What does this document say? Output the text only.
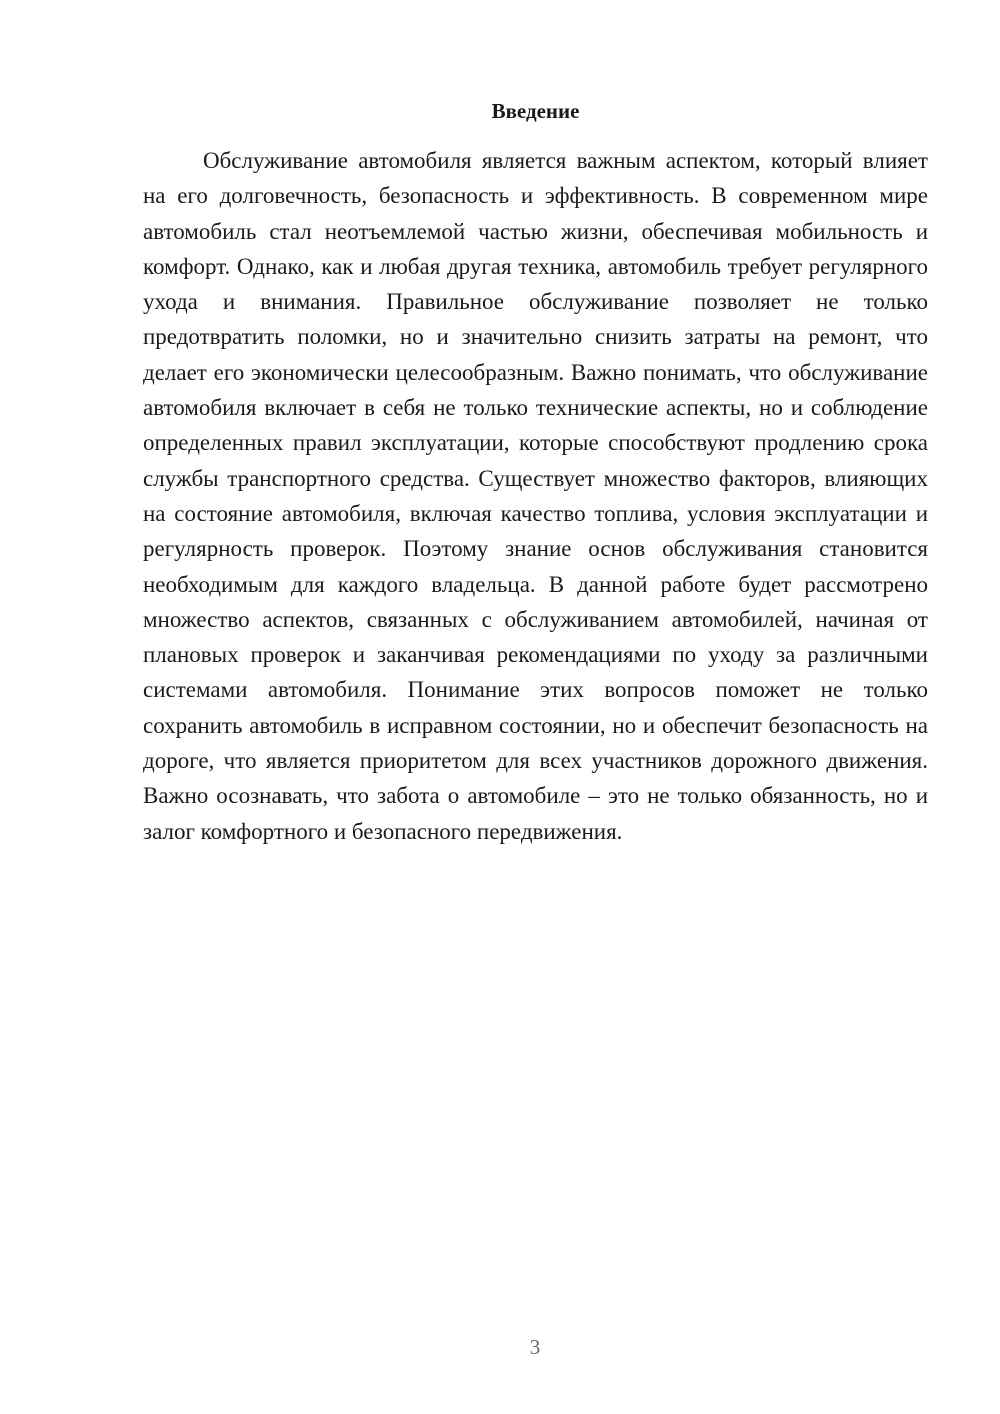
Введение

Обслуживание автомобиля является важным аспектом, который влияет на его долговечность, безопасность и эффективность. В современном мире автомобиль стал неотъемлемой частью жизни, обеспечивая мобильность и комфорт. Однако, как и любая другая техника, автомобиль требует регулярного ухода и внимания. Правильное обслуживание позволяет не только предотвратить поломки, но и значительно снизить затраты на ремонт, что делает его экономически целесообразным. Важно понимать, что обслуживание автомобиля включает в себя не только технические аспекты, но и соблюдение определенных правил эксплуатации, которые способствуют продлению срока службы транспортного средства. Существует множество факторов, влияющих на состояние автомобиля, включая качество топлива, условия эксплуатации и регулярность проверок. Поэтому знание основ обслуживания становится необходимым для каждого владельца. В данной работе будет рассмотрено множество аспектов, связанных с обслуживанием автомобилей, начиная от плановых проверок и заканчивая рекомендациями по уходу за различными системами автомобиля. Понимание этих вопросов поможет не только сохранить автомобиль в исправном состоянии, но и обеспечит безопасность на дороге, что является приоритетом для всех участников дорожного движения. Важно осознавать, что забота о автомобиле – это не только обязанность, но и залог комфортного и безопасного передвижения.

3
